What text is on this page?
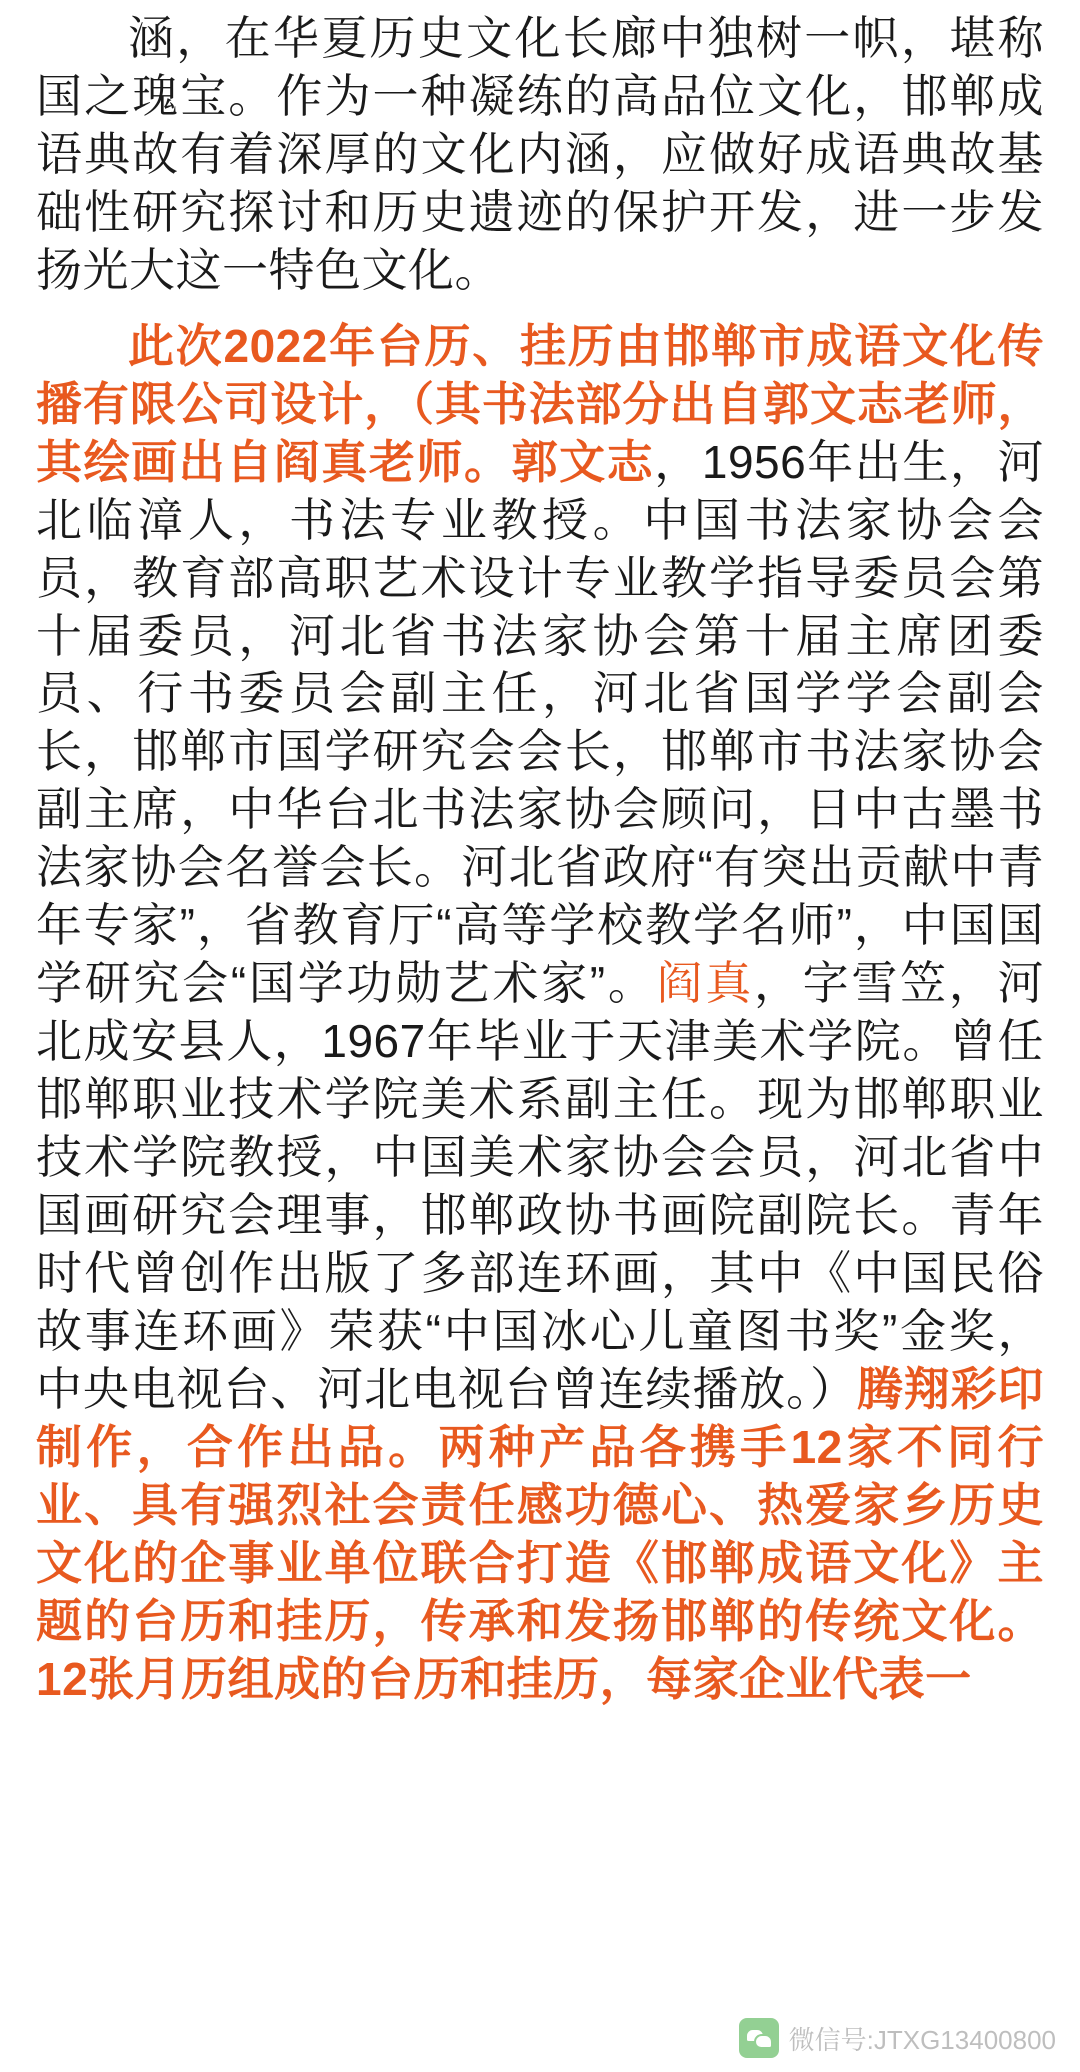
涵，在华夏历史文化长廊中独树一帜，堪称国之瑰宝。作为一种凝练的高品位文化，邯郸成语典故有着深厚的文化内涵，应做好成语典故基础性研究探讨和历史遗迹的保护开发，进一步发扬光大这一特色文化。

此次2022年台历、挂历由邯郸市成语文化传播有限公司设计，（其书法部分出自郭文志老师，其绘画出自阎真老师。郭文志，1956年出生，河北临漳人，书法专业教授。中国书法家协会会员，教育部高职艺术设计专业教学指导委员会第十届委员，河北省书法家协会第十届主席团委员、行书委员会副主任，河北省国学学会副会长，邯郸市国学研究会会长，邯郸市书法家协会副主席，中华台北书法家协会顾问，日中古墨书法家协会名誉会长。河北省政府“有突出贡献中青年专家”，省教育厅“高等学校教学名师”，中国国学研究会“国学功勋艺术家”。阎真，字雪笠，河北成安县人，1967年毕业于天津美术学院。曾任邯郸职业技术学院美术系副主任。现为邯郸职业技术学院教授，中国美术家协会会员，河北省中国画研究会理事，邯郸政协书画院副院长。青年时代曾创作出版了多部连环画，其中《中国民俗故事连环画》荣获“中国冰心儿童图书奖”金奖，中央电视台、河北电视台曾连续播放。）腾翔彩印制作，合作出品。两种产品各携手12家不同行业、具有强烈社会责任感功德心、热爱家乡历史文化的企事业单位联合打造《邯郸成语文化》主题的台历和挂历，传承和发扬邯郸的传统文化。12张月历组成的台历和挂历，每家企业代表一

微信号:JTXG13400800
